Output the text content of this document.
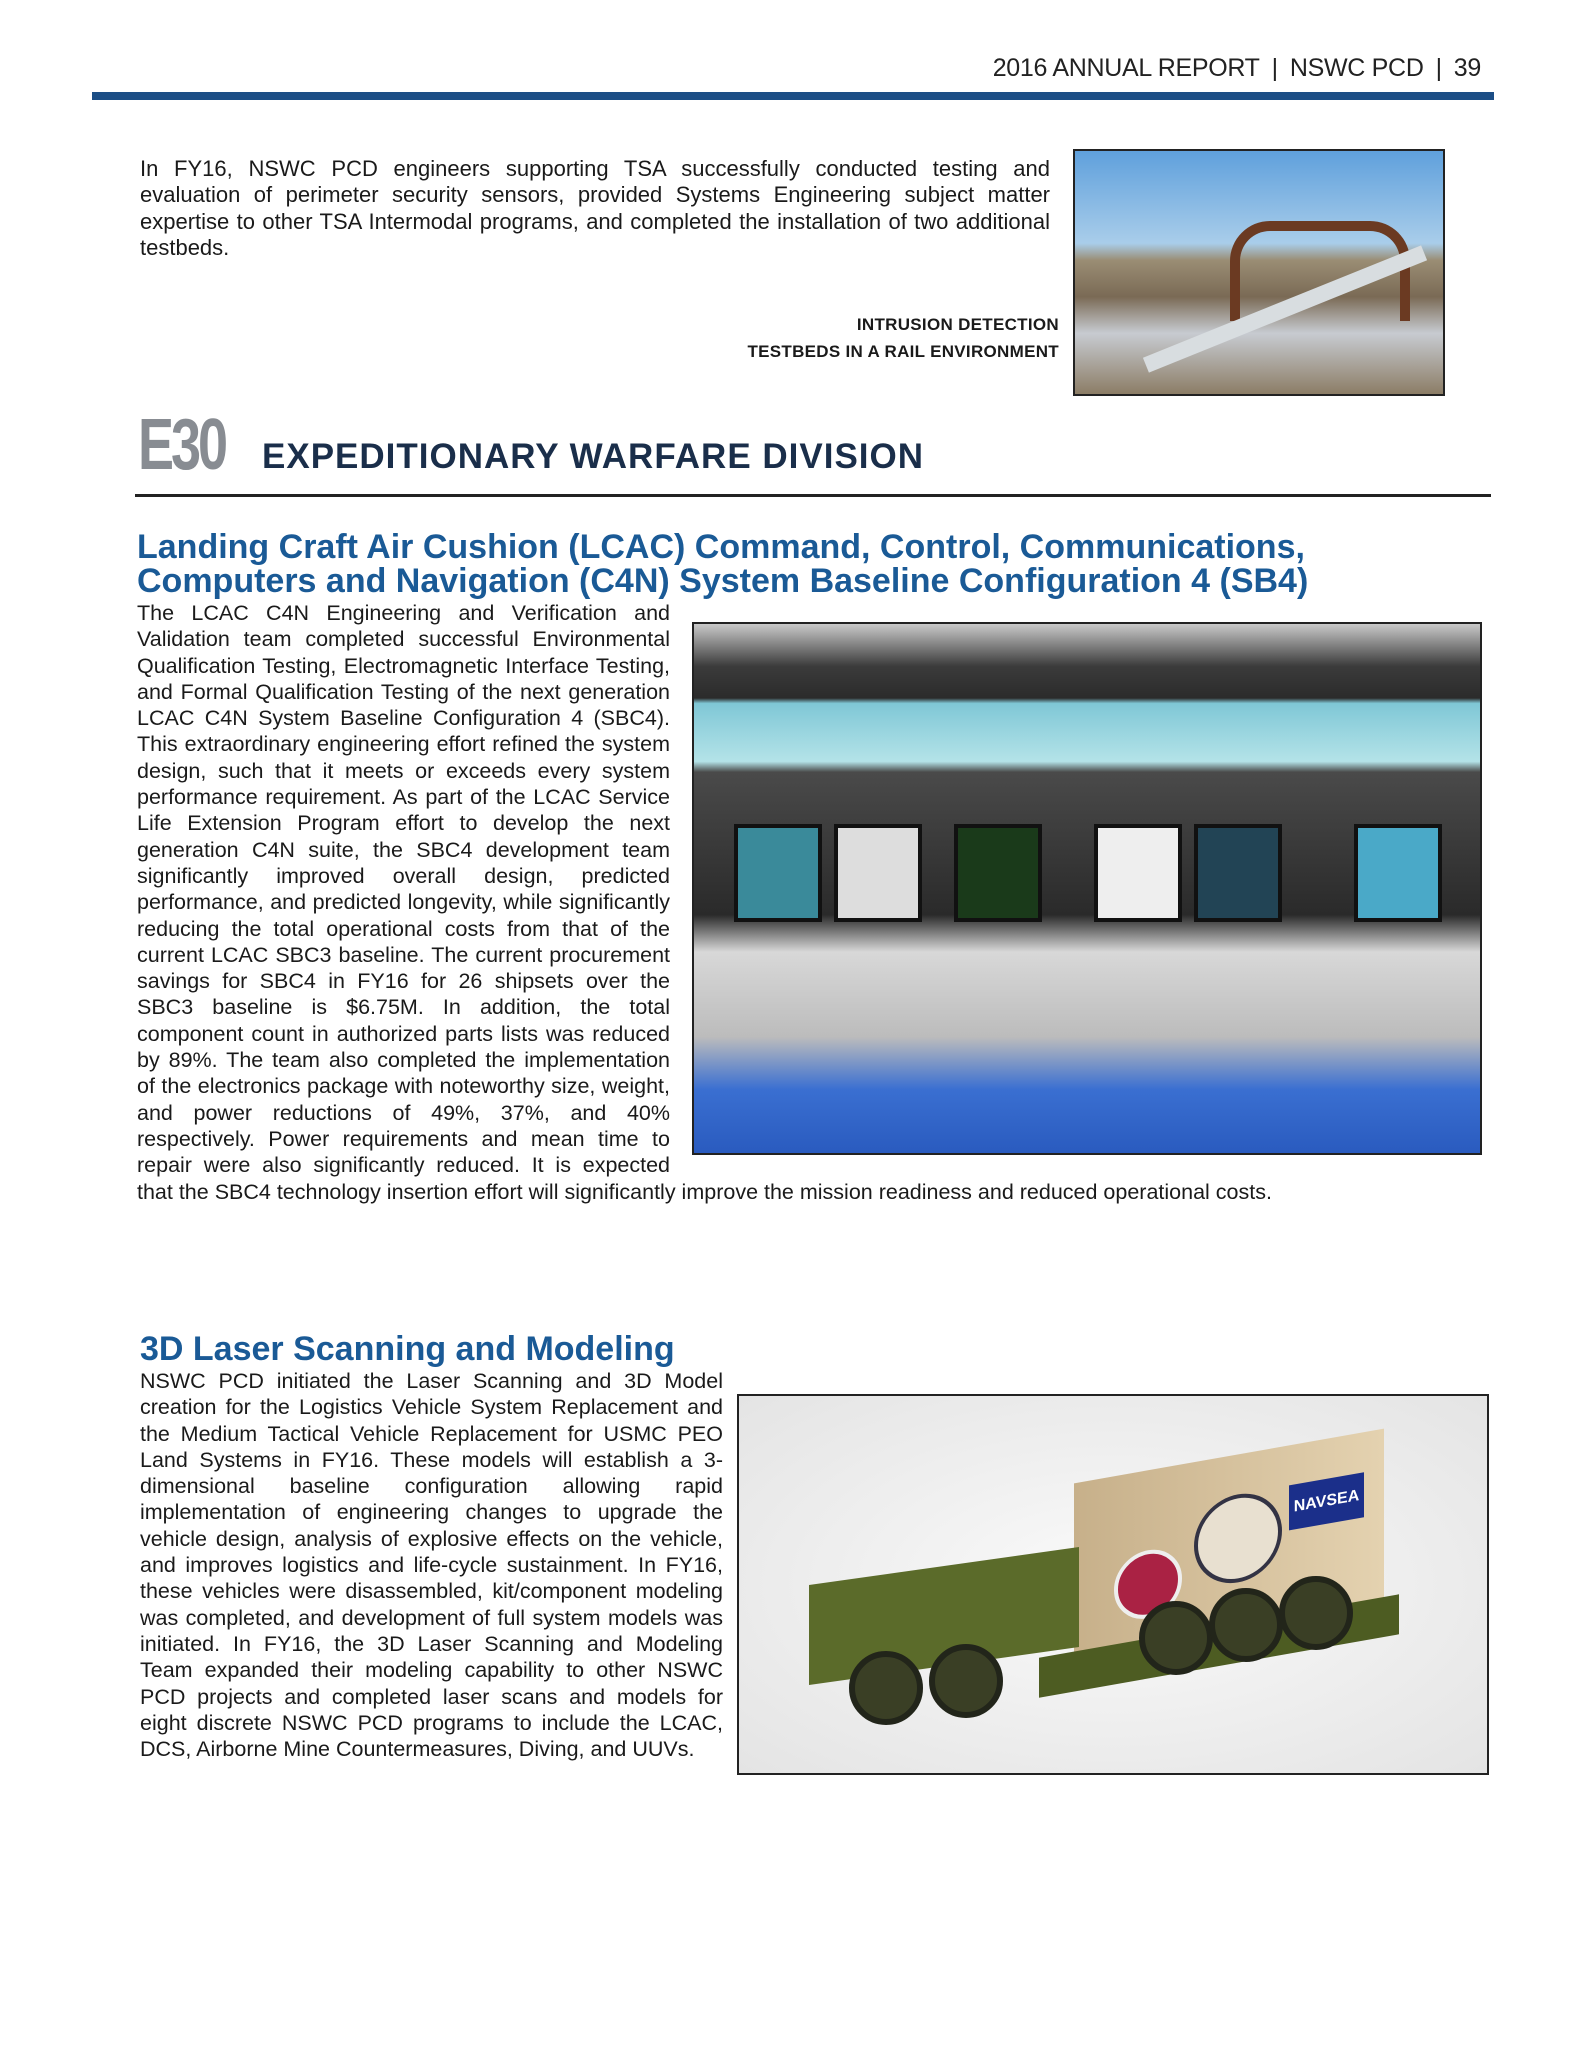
2016 ANNUAL REPORT | NSWC PCD | 39
In FY16, NSWC PCD engineers supporting TSA successfully conducted testing and evaluation of perimeter security sensors, provided Systems Engineering subject matter expertise to other TSA Intermodal programs, and completed the installation of two additional testbeds.
INTRUSION DETECTION
TESTBEDS IN A RAIL ENVIRONMENT
E30 EXPEDITIONARY WARFARE DIVISION
Landing Craft Air Cushion (LCAC) Command, Control, Communications, Computers and Navigation (C4N) System Baseline Configuration 4 (SB4)
The LCAC C4N Engineering and Verification and Validation team completed successful Environmental Qualification Testing, Electromagnetic Interface Testing, and Formal Qualification Testing of the next generation LCAC C4N System Baseline Configuration 4 (SBC4). This extraordinary engineering effort refined the system design, such that it meets or exceeds every system performance requirement. As part of the LCAC Service Life Extension Program effort to develop the next generation C4N suite, the SBC4 development team significantly improved overall design, predicted performance, and predicted longevity, while significantly reducing the total operational costs from that of the current LCAC SBC3 baseline. The current procurement savings for SBC4 in FY16 for 26 shipsets over the SBC3 baseline is $6.75M. In addition, the total component count in authorized parts lists was reduced by 89%. The team also completed the implementation of the electronics package with noteworthy size, weight, and power reductions of 49%, 37%, and 40% respectively. Power requirements and mean time to repair were also significantly reduced. It is expected that the SBC4 technology insertion effort will significantly improve the mission readiness and reduced operational costs.
3D Laser Scanning and Modeling
NSWC PCD initiated the Laser Scanning and 3D Model creation for the Logistics Vehicle System Replacement and the Medium Tactical Vehicle Replacement for USMC PEO Land Systems in FY16. These models will establish a 3-dimensional baseline configuration allowing rapid implementation of engineering changes to upgrade the vehicle design, analysis of explosive effects on the vehicle, and improves logistics and life-cycle sustainment. In FY16, these vehicles were disassembled, kit/component modeling was completed, and development of full system models was initiated. In FY16, the 3D Laser Scanning and Modeling Team expanded their modeling capability to other NSWC PCD projects and completed laser scans and models for eight discrete NSWC PCD programs to include the LCAC, DCS, Airborne Mine Countermeasures, Diving, and UUVs.
NAVSEA
